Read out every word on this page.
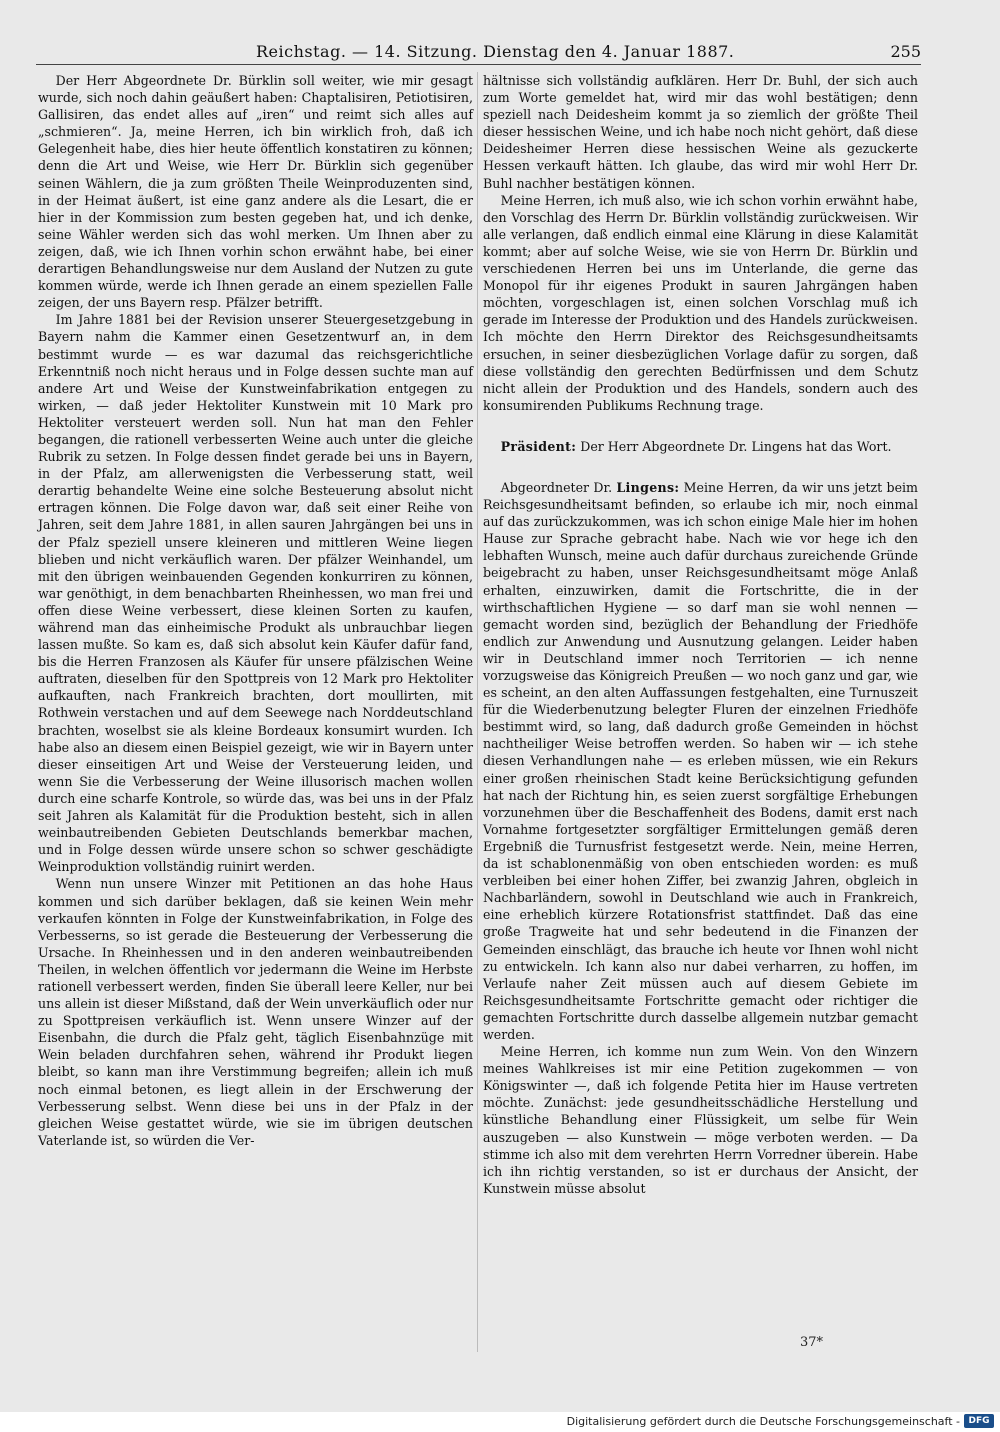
Reichstag. — 14. Sitzung. Dienstag den 4. Januar 1887.	255

Der Herr Abgeordnete Dr. Bürklin soll weiter, wie mir gesagt wurde, sich noch dahin geäußert haben: Chaptalisiren, Petiotisiren, Gallisiren, das endet alles auf „iren“ und reimt sich alles auf „schmieren“. Ja, meine Herren, ich bin wirklich froh, daß ich Gelegenheit habe, dies hier heute öffentlich konstatiren zu können; denn die Art und Weise, wie Herr Dr. Bürklin sich gegenüber seinen Wählern, die ja zum größten Theile Weinproduzenten sind, in der Heimat äußert, ist eine ganz andere als die Lesart, die er hier in der Kommission zum besten gegeben hat, und ich denke, seine Wähler werden sich das wohl merken. Um Ihnen aber zu zeigen, daß, wie ich Ihnen vorhin schon erwähnt habe, bei einer derartigen Behandlungsweise nur dem Ausland der Nutzen zu gute kommen würde, werde ich Ihnen gerade an einem speziellen Falle zeigen, der uns Bayern resp. Pfälzer betrifft.

Im Jahre 1881 bei der Revision unserer Steuergesetzgebung in Bayern nahm die Kammer einen Gesetzentwurf an, in dem bestimmt wurde — es war dazumal das reichsgerichtliche Erkenntniß noch nicht heraus und in Folge dessen suchte man auf andere Art und Weise der Kunstweinfabrikation entgegen zu wirken, — daß jeder Hektoliter Kunstwein mit 10 Mark pro Hektoliter versteuert werden soll. Nun hat man den Fehler begangen, die rationell verbesserten Weine auch unter die gleiche Rubrik zu setzen. In Folge dessen findet gerade bei uns in Bayern, in der Pfalz, am allerwenigsten die Verbesserung statt, weil derartig behandelte Weine eine solche Besteuerung absolut nicht ertragen können. Die Folge davon war, daß seit einer Reihe von Jahren, seit dem Jahre 1881, in allen sauren Jahrgängen bei uns in der Pfalz speziell unsere kleineren und mittleren Weine liegen blieben und nicht verkäuflich waren. Der pfälzer Weinhandel, um mit den übrigen weinbauenden Gegenden konkurriren zu können, war genöthigt, in dem benachbarten Rheinhessen, wo man frei und offen diese Weine verbessert, diese kleinen Sorten zu kaufen, während man das einheimische Produkt als unbrauchbar liegen lassen mußte. So kam es, daß sich absolut kein Käufer dafür fand, bis die Herren Franzosen als Käufer für unsere pfälzischen Weine auftraten, dieselben für den Spottpreis von 12 Mark pro Hektoliter aufkauften, nach Frankreich brachten, dort moullirten, mit Rothwein verstachen und auf dem Seewege nach Norddeutschland brachten, woselbst sie als kleine Bordeaux konsumirt wurden. Ich habe also an diesem einen Beispiel gezeigt, wie wir in Bayern unter dieser einseitigen Art und Weise der Versteuerung leiden, und wenn Sie die Verbesserung der Weine illusorisch machen wollen durch eine scharfe Kontrole, so würde das, was bei uns in der Pfalz seit Jahren als Kalamität für die Produktion besteht, sich in allen weinbautreibenden Gebieten Deutschlands bemerkbar machen, und in Folge dessen würde unsere schon so schwer geschädigte Weinproduktion vollständig ruinirt werden.

Wenn nun unsere Winzer mit Petitionen an das hohe Haus kommen und sich darüber beklagen, daß sie keinen Wein mehr verkaufen könnten in Folge der Kunstweinfabrikation, in Folge des Verbesserns, so ist gerade die Besteuerung der Verbesserung die Ursache. In Rheinhessen und in den anderen weinbautreibenden Theilen, in welchen öffentlich vor jedermann die Weine im Herbste rationell verbessert werden, finden Sie überall leere Keller, nur bei uns allein ist dieser Mißstand, daß der Wein unverkäuflich oder nur zu Spottpreisen verkäuflich ist. Wenn unsere Winzer auf der Eisenbahn, die durch die Pfalz geht, täglich Eisenbahnzüge mit Wein beladen durchfahren sehen, während ihr Produkt liegen bleibt, so kann man ihre Verstimmung begreifen; allein ich muß noch einmal betonen, es liegt allein in der Erschwerung der Verbesserung selbst. Wenn diese bei uns in der Pfalz in der gleichen Weise gestattet würde, wie sie im übrigen deutschen Vaterlande ist, so würden die Ver-

hältnisse sich vollständig aufklären. Herr Dr. Buhl, der sich auch zum Worte gemeldet hat, wird mir das wohl bestätigen; denn speziell nach Deidesheim kommt ja so ziemlich der größte Theil dieser hessischen Weine, und ich habe noch nicht gehört, daß diese Deidesheimer Herren diese hessischen Weine als gezuckerte Hessen verkauft hätten. Ich glaube, das wird mir wohl Herr Dr. Buhl nachher bestätigen können.

Meine Herren, ich muß also, wie ich schon vorhin erwähnt habe, den Vorschlag des Herrn Dr. Bürklin vollständig zurückweisen. Wir alle verlangen, daß endlich einmal eine Klärung in diese Kalamität kommt; aber auf solche Weise, wie sie von Herrn Dr. Bürklin und verschiedenen Herren bei uns im Unterlande, die gerne das Monopol für ihr eigenes Produkt in sauren Jahrgängen haben möchten, vorgeschlagen ist, einen solchen Vorschlag muß ich gerade im Interesse der Produktion und des Handels zurückweisen. Ich möchte den Herrn Direktor des Reichsgesundheitsamts ersuchen, in seiner diesbezüglichen Vorlage dafür zu sorgen, daß diese vollständig den gerechten Bedürfnissen und dem Schutz nicht allein der Produktion und des Handels, sondern auch des konsumirenden Publikums Rechnung trage.

Präsident: Der Herr Abgeordnete Dr. Lingens hat das Wort.

Abgeordneter Dr. Lingens: Meine Herren, da wir uns jetzt beim Reichsgesundheitsamt befinden, so erlaube ich mir, noch einmal auf das zurückzukommen, was ich schon einige Male hier im hohen Hause zur Sprache gebracht habe. Nach wie vor hege ich den lebhaften Wunsch, meine auch dafür durchaus zureichende Gründe beigebracht zu haben, unser Reichsgesundheitsamt möge Anlaß erhalten, einzuwirken, damit die Fortschritte, die in der wirthschaftlichen Hygiene — so darf man sie wohl nennen — gemacht worden sind, bezüglich der Behandlung der Friedhöfe endlich zur Anwendung und Ausnutzung gelangen. Leider haben wir in Deutschland immer noch Territorien — ich nenne vorzugsweise das Königreich Preußen — wo noch ganz und gar, wie es scheint, an den alten Auffassungen festgehalten, eine Turnuszeit für die Wiederbenutzung belegter Fluren der einzelnen Friedhöfe bestimmt wird, so lang, daß dadurch große Gemeinden in höchst nachtheiliger Weise betroffen werden. So haben wir — ich stehe diesen Verhandlungen nahe — es erleben müssen, wie ein Rekurs einer großen rheinischen Stadt keine Berücksichtigung gefunden hat nach der Richtung hin, es seien zuerst sorgfältige Erhebungen vorzunehmen über die Beschaffenheit des Bodens, damit erst nach Vornahme fortgesetzter sorgfältiger Ermittelungen gemäß deren Ergebniß die Turnusfrist festgesetzt werde. Nein, meine Herren, da ist schablonenmäßig von oben entschieden worden: es muß verbleiben bei einer hohen Ziffer, bei zwanzig Jahren, obgleich in Nachbarländern, sowohl in Deutschland wie auch in Frankreich, eine erheblich kürzere Rotationsfrist stattfindet. Daß das eine große Tragweite hat und sehr bedeutend in die Finanzen der Gemeinden einschlägt, das brauche ich heute vor Ihnen wohl nicht zu entwickeln. Ich kann also nur dabei verharren, zu hoffen, im Verlaufe naher Zeit müssen auch auf diesem Gebiete im Reichsgesundheitsamte Fortschritte gemacht oder richtiger die gemachten Fortschritte durch dasselbe allgemein nutzbar gemacht werden.

Meine Herren, ich komme nun zum Wein. Von den Winzern meines Wahlkreises ist mir eine Petition zugekommen — von Königswinter —, daß ich folgende Petita hier im Hause vertreten möchte. Zunächst: jede gesundheitsschädliche Herstellung und künstliche Behandlung einer Flüssigkeit, um selbe für Wein auszugeben — also Kunstwein — möge verboten werden. — Da stimme ich also mit dem verehrten Herrn Vorredner überein. Habe ich ihn richtig verstanden, so ist er durchaus der Ansicht, der Kunstwein müsse absolut

37*
Digitalisierung gefördert durch die Deutsche Forschungsgemeinschaft - DFG
